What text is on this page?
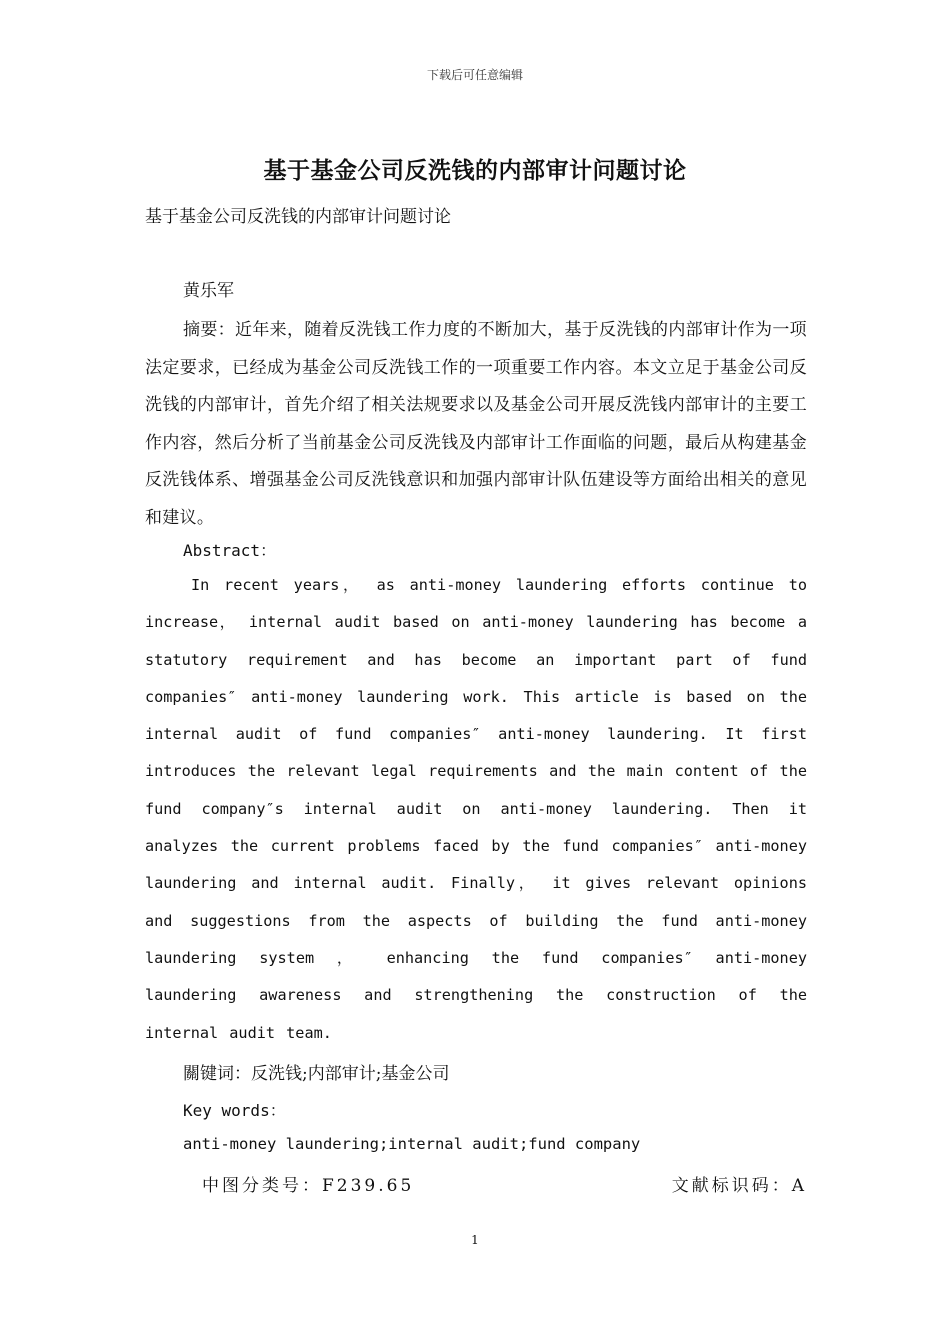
下载后可任意编辑
基于基金公司反洗钱的内部审计问题讨论
基于基金公司反洗钱的内部审计问题讨论
黄乐军

摘要：近年来，随着反洗钱工作力度的不断加大，基于反洗钱的内部审计作为一项法定要求，已经成为基金公司反洗钱工作的一项重要工作内容。本文立足于基金公司反洗钱的内部审计，首先介绍了相关法规要求以及基金公司开展反洗钱内部审计的主要工作内容，然后分析了当前基金公司反洗钱及内部审计工作面临的问题，最后从构建基金反洗钱体系、增强基金公司反洗钱意识和加强内部审计队伍建设等方面给出相关的意见和建议。

Abstract：

In recent years， as anti-money laundering efforts continue to increase， internal audit based on anti-money laundering has become a statutory requirement and has become an important part of fund companies″ anti-money laundering work. This article is based on the internal audit of fund companies″ anti-money laundering. It first introduces the relevant legal requirements and the main content of the fund company″s internal audit on anti-money laundering. Then it analyzes the current problems faced by the fund companies″ anti-money laundering and internal audit. Finally， it gives relevant opinions and suggestions from the aspects of building the fund anti-money laundering system ， enhancing the fund companies″ anti-money laundering awareness and strengthening the construction of the internal audit team.

關键词：反洗钱;内部审计;基金公司
Key words：
anti-money laundering;internal audit;fund company
中图分类号：F239.65	文献标识码：A
1
